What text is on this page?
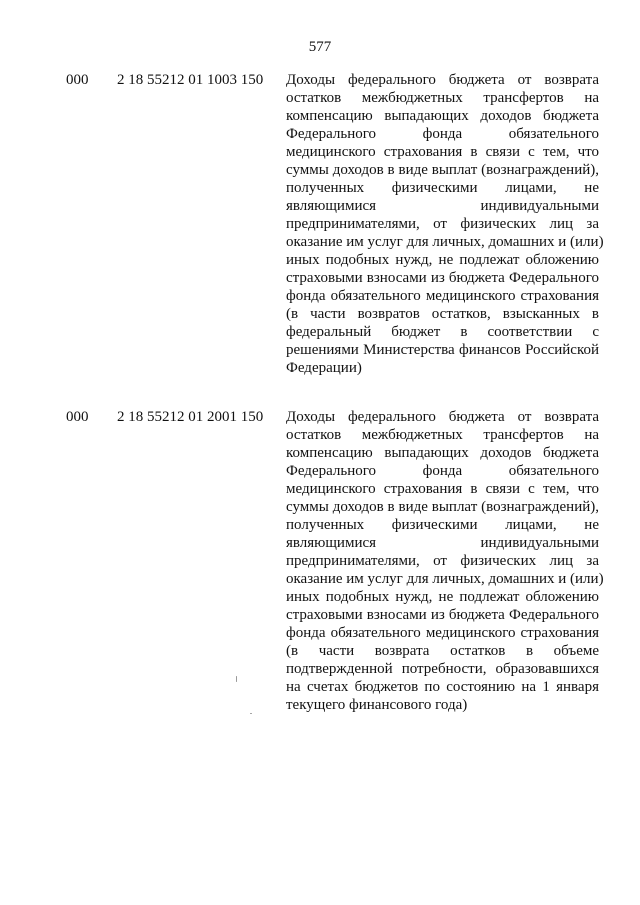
577
000 2 18 55212 01 1003 150 Доходы федерального бюджета от возврата
остатков межбюджетных трансфертов на
компенсацию выпадающих доходов бюджета
Федерального фонда обязательного
медицинского страхования в связи с тем, что
суммы доходов в виде выплат (вознаграждений),
полученных физическими лицами, не
являющимися индивидуальными
предпринимателями, от физических лиц за
оказание им услуг для личных, домашних и (или)
иных подобных нужд, не подлежат обложению
страховыми взносами из бюджета Федерального
фонда обязательного медицинского страхования
(в части возвратов остатков, взысканных в
федеральный бюджет в соответствии с
решениями Министерства финансов Российской
Федерации)
000 2 18 55212 01 2001 150 Доходы федерального бюджета от возврата
остатков межбюджетных трансфертов на
компенсацию выпадающих доходов бюджета
Федерального фонда обязательного
медицинского страхования в связи с тем, что
суммы доходов в виде выплат (вознаграждений),
полученных физическими лицами, не
являющимися индивидуальными
предпринимателями, от физических лиц за
оказание им услуг для личных, домашних и (или)
иных подобных нужд, не подлежат обложению
страховыми взносами из бюджета Федерального
фонда обязательного медицинского страхования
(в части возврата остатков в объеме
подтвержденной потребности, образовавшихся
на счетах бюджетов по состоянию на 1 января
текущего финансового года)
